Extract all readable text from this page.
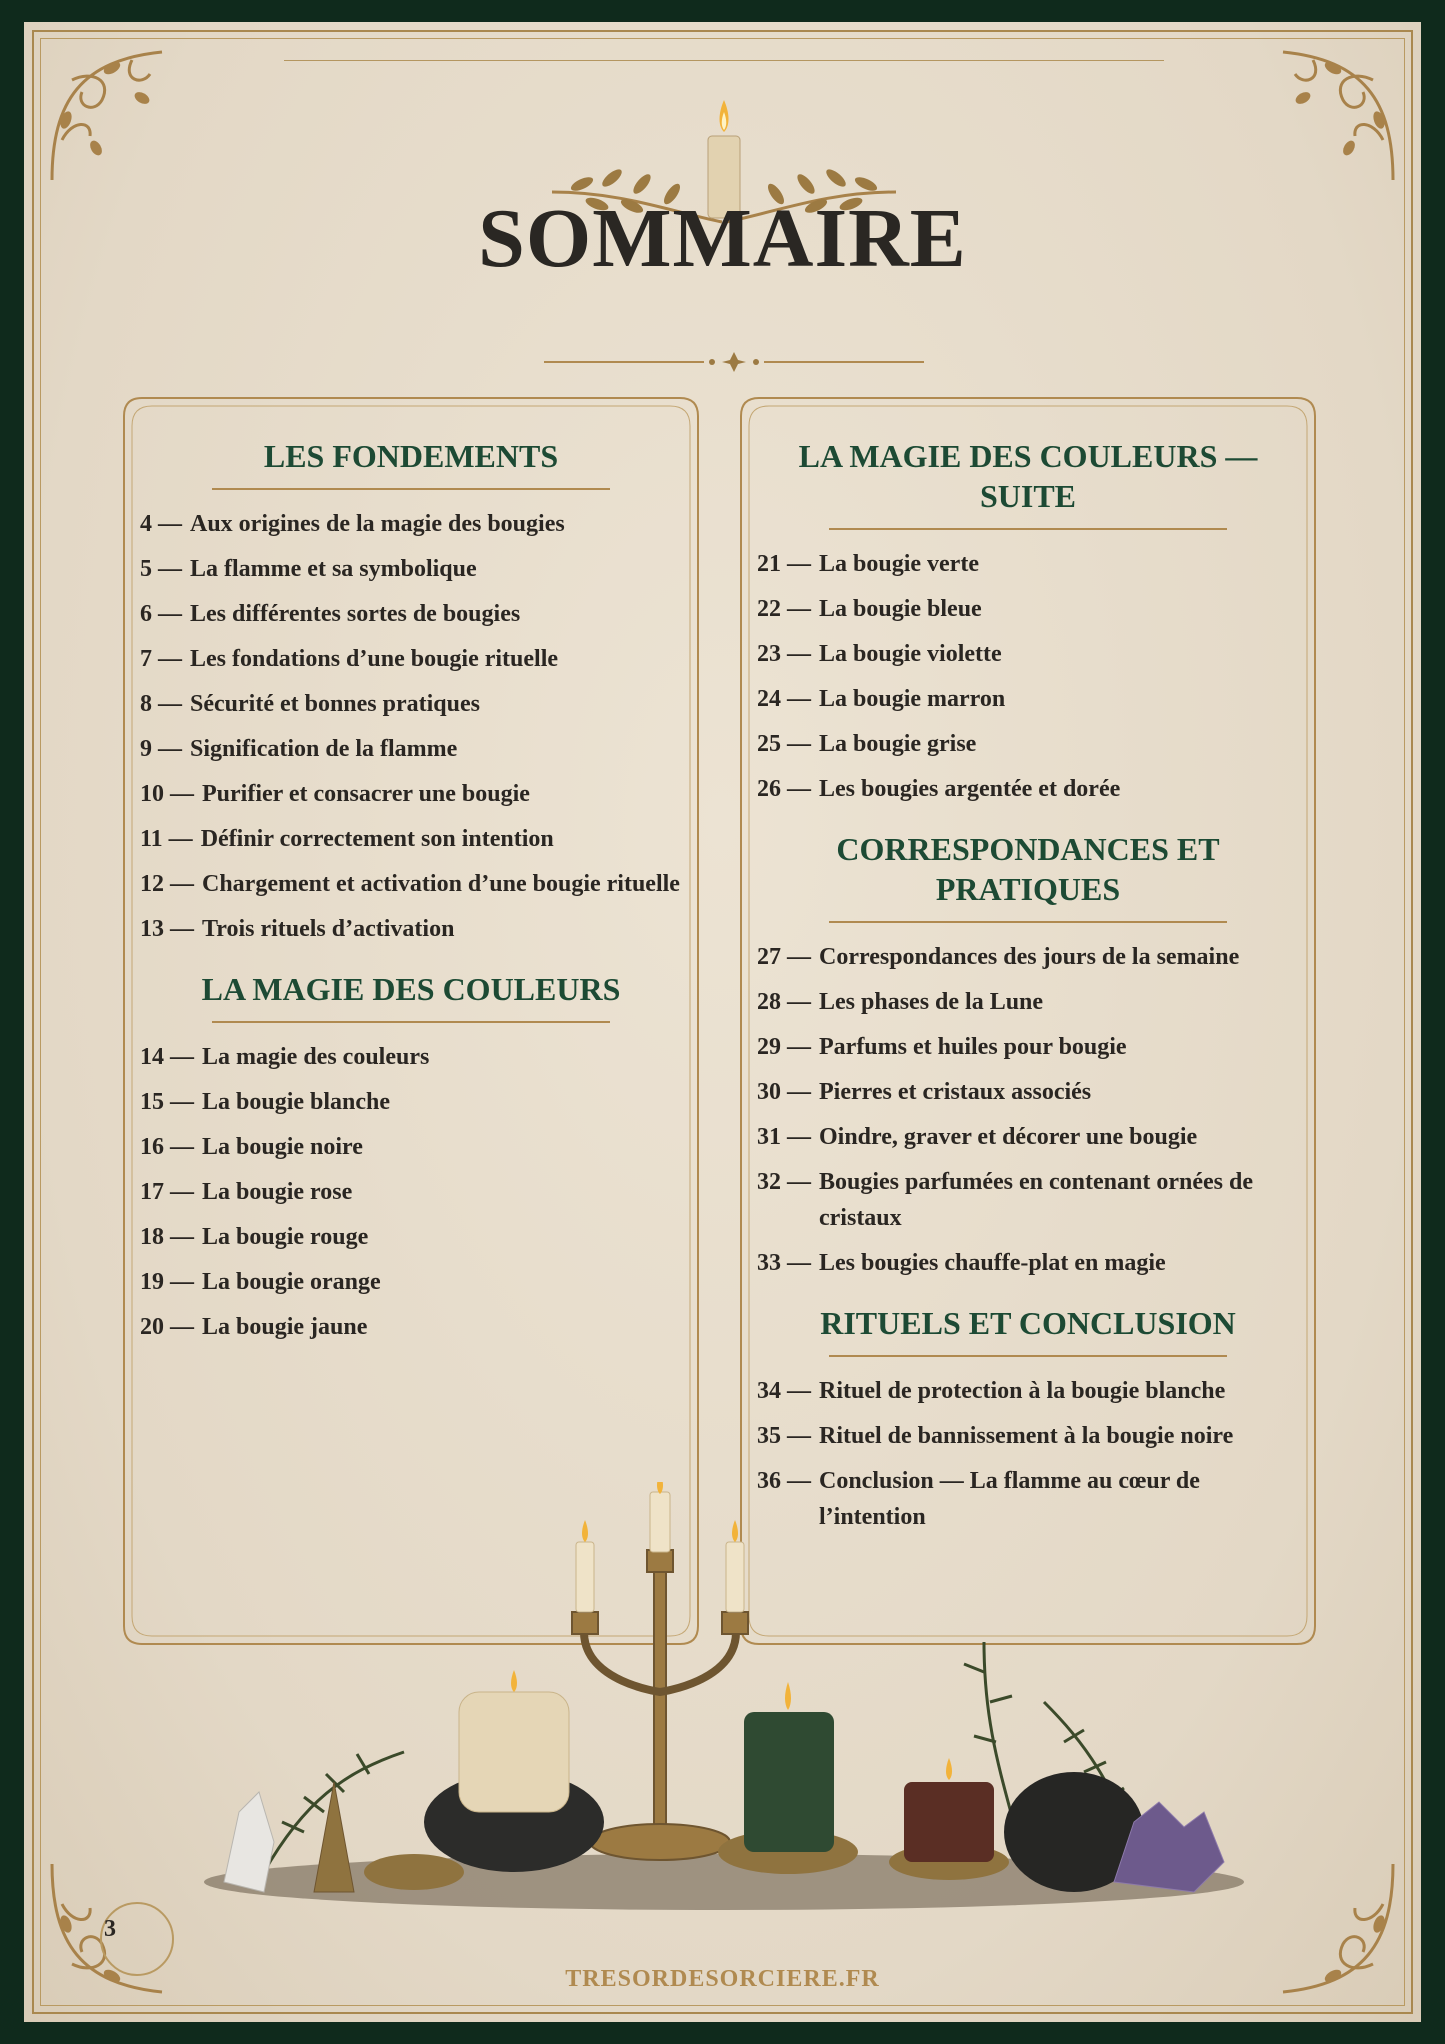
SOMMAIRE
LES FONDEMENTS
4 — Aux origines de la magie des bougies
5 — La flamme et sa symbolique
6 — Les différentes sortes de bougies
7 — Les fondations d’une bougie rituelle
8 — Sécurité et bonnes pratiques
9 — Signification de la flamme
10 — Purifier et consacrer une bougie
11 — Définir correctement son intention
12 — Chargement et activation d’une bougie rituelle
13 — Trois rituels d’activation
LA MAGIE DES COULEURS
14 — La magie des couleurs
15 — La bougie blanche
16 — La bougie noire
17 — La bougie rose
18 — La bougie rouge
19 — La bougie orange
20 — La bougie jaune
LA MAGIE DES COULEURS — SUITE
21 — La bougie verte
22 — La bougie bleue
23 — La bougie violette
24 — La bougie marron
25 — La bougie grise
26 — Les bougies argentée et dorée
CORRESPONDANCES ET PRATIQUES
27 — Correspondances des jours de la semaine
28 — Les phases de la Lune
29 — Parfums et huiles pour bougie
30 — Pierres et cristaux associés
31 — Oindre, graver et décorer une bougie
32 — Bougies parfumées en contenant ornées de cristaux
33 — Les bougies chauffe-plat en magie
RITUELS ET CONCLUSION
34 — Rituel de protection à la bougie blanche
35 — Rituel de bannissement à la bougie noire
36 — Conclusion — La flamme au cœur de l’intention
3
TRESORDESORCIERE.FR
